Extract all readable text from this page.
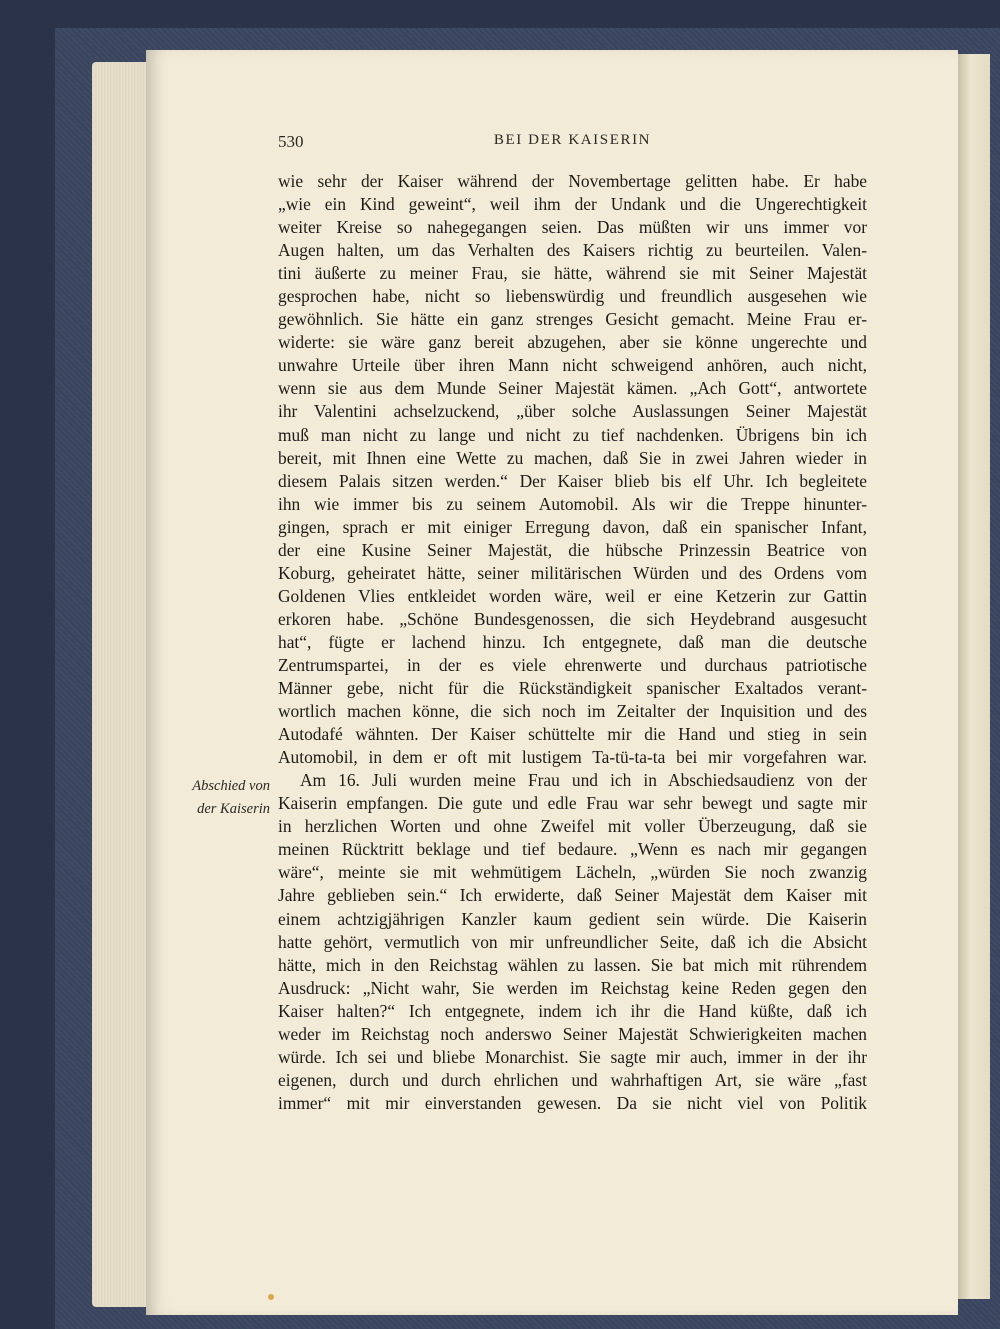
530	BEI DER KAISERIN
Abschied von
der Kaiserin
wie sehr der Kaiser während der Novembertage gelitten habe. Er habe
„wie ein Kind geweint“, weil ihm der Undank und die Ungerechtigkeit
weiter Kreise so nahegegangen seien. Das müßten wir uns immer vor
Augen halten, um das Verhalten des Kaisers richtig zu beurteilen. Valen-
tini äußerte zu meiner Frau, sie hätte, während sie mit Seiner Majestät
gesprochen habe, nicht so liebenswürdig und freundlich ausgesehen wie
gewöhnlich. Sie hätte ein ganz strenges Gesicht gemacht. Meine Frau er-
widerte: sie wäre ganz bereit abzugehen, aber sie könne ungerechte und
unwahre Urteile über ihren Mann nicht schweigend anhören, auch nicht,
wenn sie aus dem Munde Seiner Majestät kämen. „Ach Gott“, antwortete
ihr Valentini achselzuckend, „über solche Auslassungen Seiner Majestät
muß man nicht zu lange und nicht zu tief nachdenken. Übrigens bin ich
bereit, mit Ihnen eine Wette zu machen, daß Sie in zwei Jahren wieder in
diesem Palais sitzen werden.“ Der Kaiser blieb bis elf Uhr. Ich begleitete
ihn wie immer bis zu seinem Automobil. Als wir die Treppe hinunter-
gingen, sprach er mit einiger Erregung davon, daß ein spanischer Infant,
der eine Kusine Seiner Majestät, die hübsche Prinzessin Beatrice von
Koburg, geheiratet hätte, seiner militärischen Würden und des Ordens vom
Goldenen Vlies entkleidet worden wäre, weil er eine Ketzerin zur Gattin
erkoren habe. „Schöne Bundesgenossen, die sich Heydebrand ausgesucht
hat“, fügte er lachend hinzu. Ich entgegnete, daß man die deutsche
Zentrumspartei, in der es viele ehrenwerte und durchaus patriotische
Männer gebe, nicht für die Rückständigkeit spanischer Exaltados verant-
wortlich machen könne, die sich noch im Zeitalter der Inquisition und des
Autodafé wähnten. Der Kaiser schüttelte mir die Hand und stieg in sein
Automobil, in dem er oft mit lustigem Ta-tü-ta-ta bei mir vorgefahren war.
Am 16. Juli wurden meine Frau und ich in Abschiedsaudienz von der
Kaiserin empfangen. Die gute und edle Frau war sehr bewegt und sagte mir
in herzlichen Worten und ohne Zweifel mit voller Überzeugung, daß sie
meinen Rücktritt beklage und tief bedaure. „Wenn es nach mir gegangen
wäre“, meinte sie mit wehmütigem Lächeln, „würden Sie noch zwanzig
Jahre geblieben sein.“ Ich erwiderte, daß Seiner Majestät dem Kaiser mit
einem achtzigjährigen Kanzler kaum gedient sein würde. Die Kaiserin
hatte gehört, vermutlich von mir unfreundlicher Seite, daß ich die Absicht
hätte, mich in den Reichstag wählen zu lassen. Sie bat mich mit rührendem
Ausdruck: „Nicht wahr, Sie werden im Reichstag keine Reden gegen den
Kaiser halten?“ Ich entgegnete, indem ich ihr die Hand küßte, daß ich
weder im Reichstag noch anderswo Seiner Majestät Schwierigkeiten machen
würde. Ich sei und bliebe Monarchist. Sie sagte mir auch, immer in der ihr
eigenen, durch und durch ehrlichen und wahrhaftigen Art, sie wäre „fast
immer“ mit mir einverstanden gewesen. Da sie nicht viel von Politik
